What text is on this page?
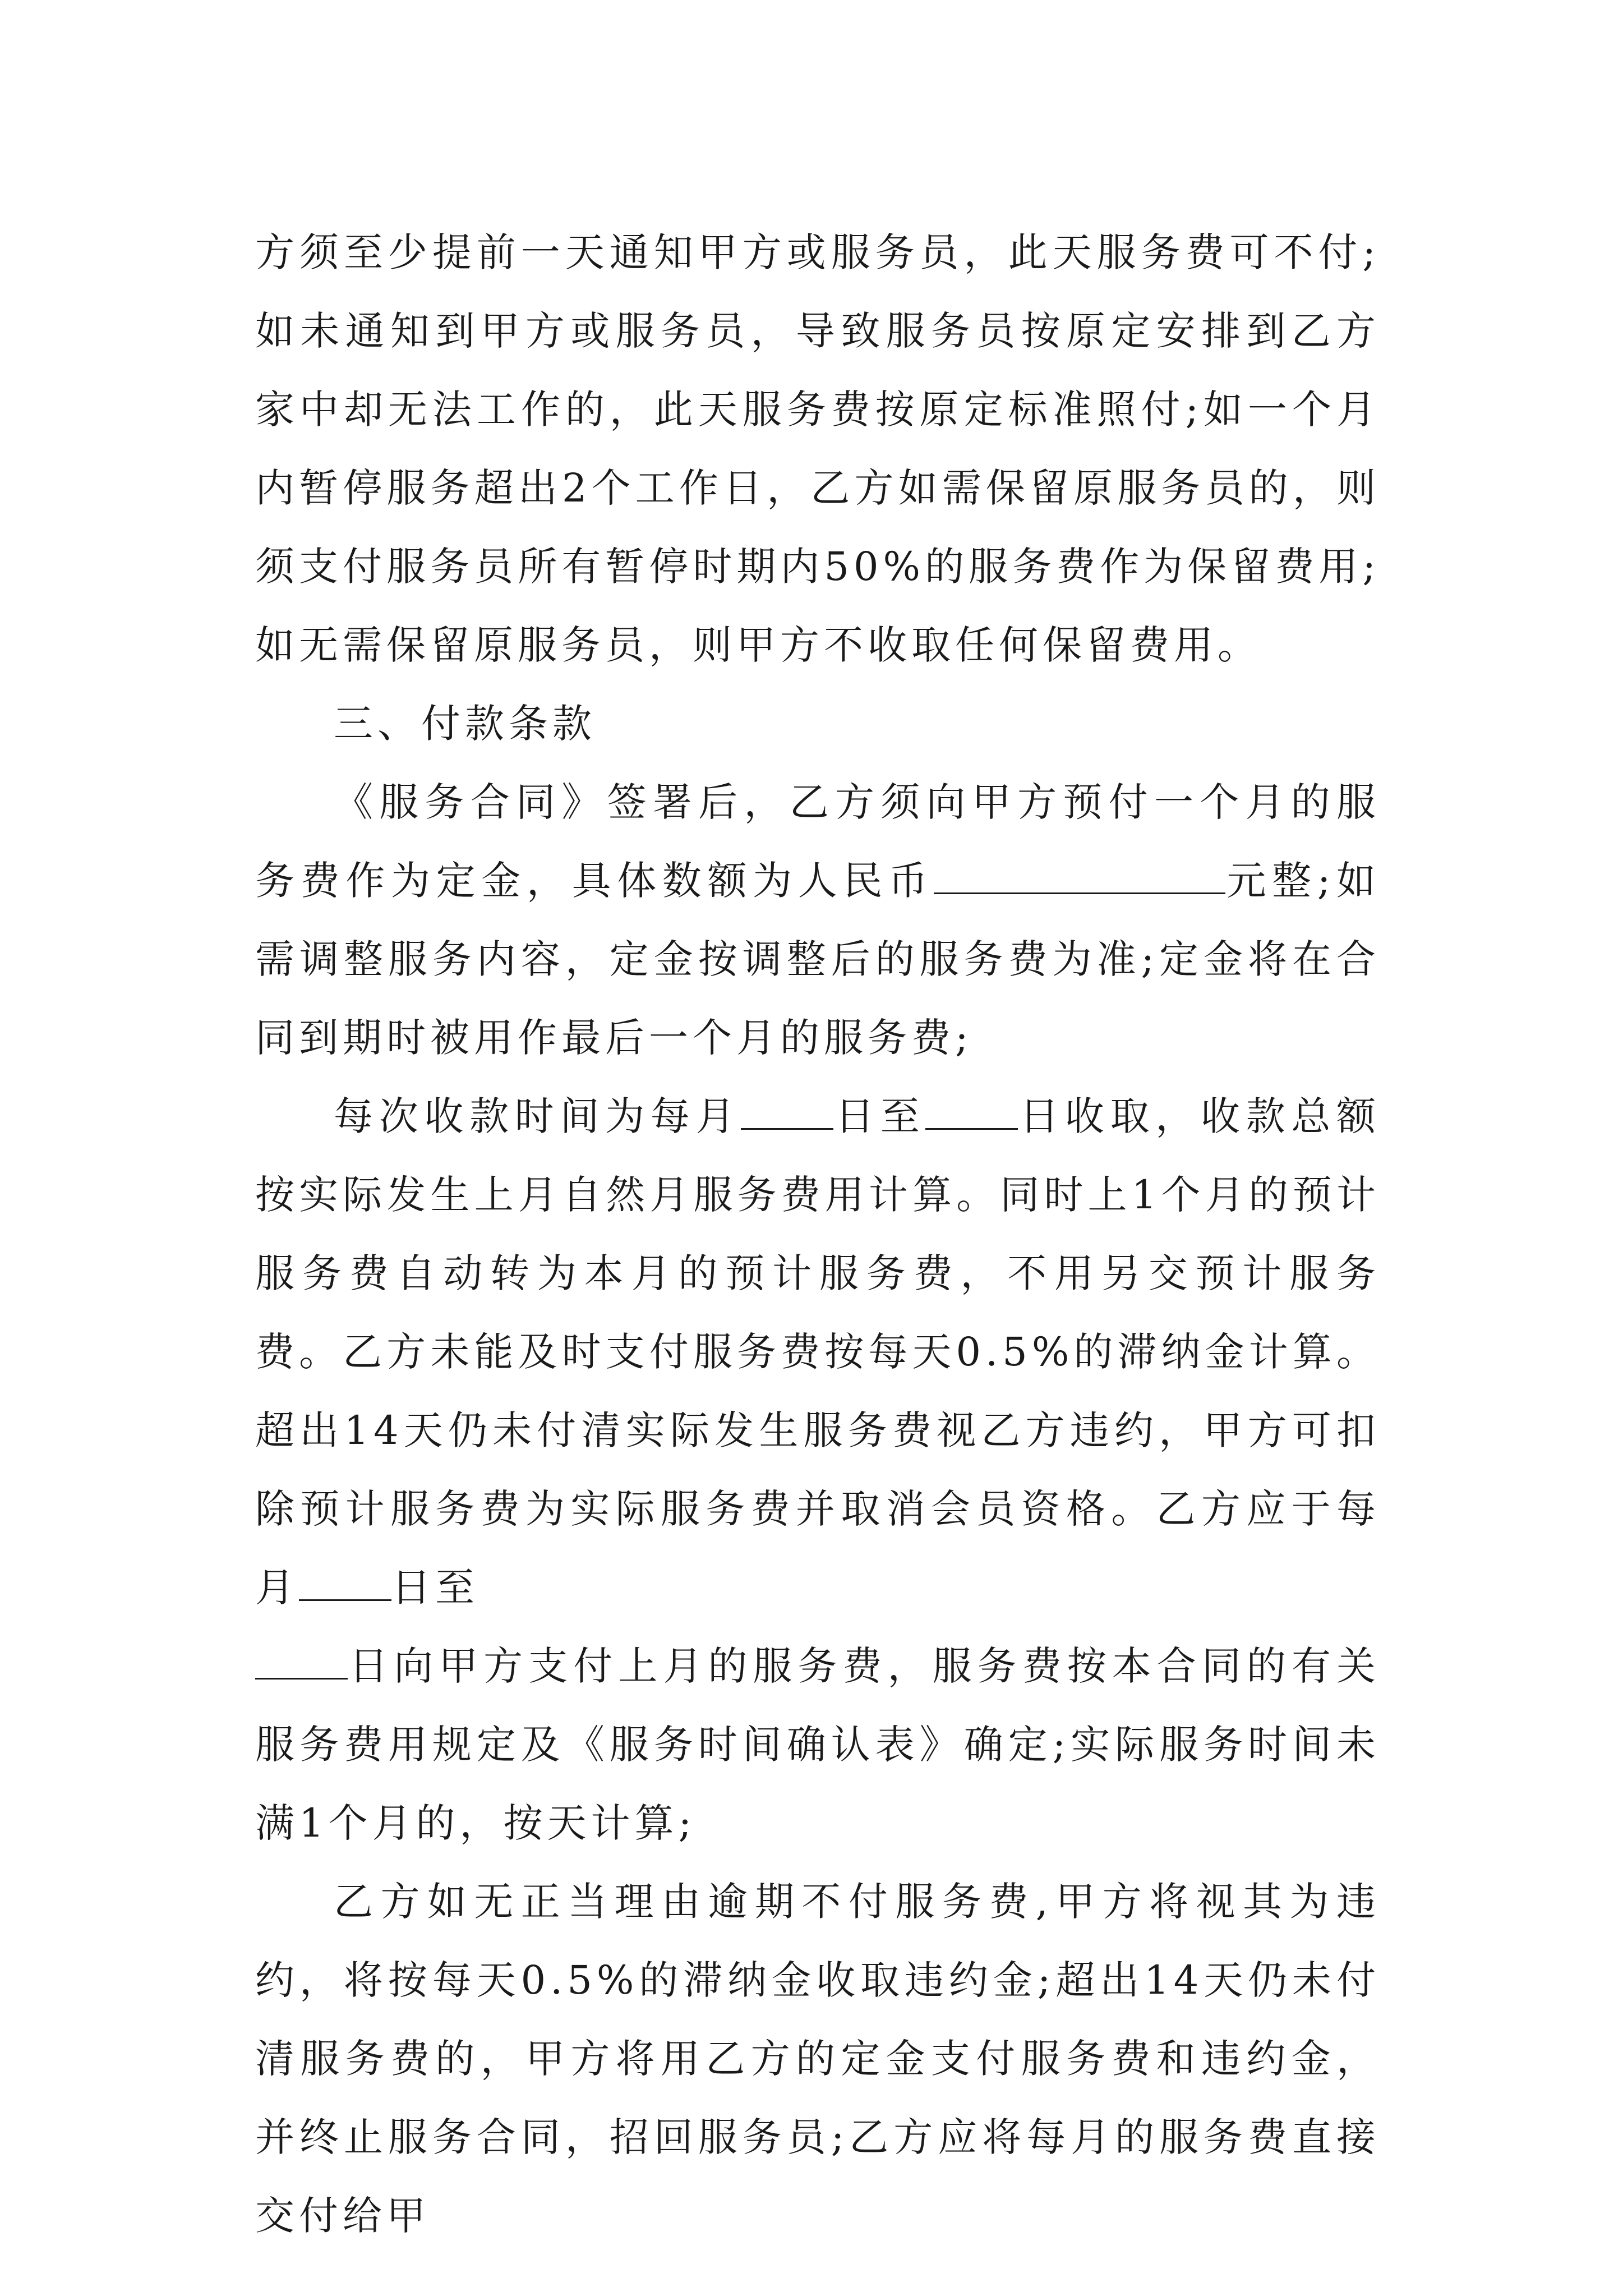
方须至少提前一天通知甲方或服务员，此天服务费可不付;如未通知到甲方或服务员，导致服务员按原定安排到乙方家中却无法工作的，此天服务费按原定标准照付;如一个月内暂停服务超出2个工作日，乙方如需保留原服务员的，则须支付服务员所有暂停时期内50%的服务费作为保留费用;如无需保留原服务员，则甲方不收取任何保留费用。

三、付款条款

《服务合同》签署后，乙方须向甲方预付一个月的服务费作为定金，具体数额为人民币	元整;如需调整服务内容，定金按调整后的服务费为准;定金将在合同到期时被用作最后一个月的服务费;

每次收款时间为每月 日至 日收取，收款总额按实际发生上月自然月服务费用计算。同时上1个月的预计服务费自动转为本月的预计服务费，不用另交预计服务费。乙方未能及时支付服务费按每天0.5%的滞纳金计算。超出14天仍未付清实际发生服务费视乙方违约，甲方可扣除预计服务费为实际服务费并取消会员资格。乙方应于每月 日至
日向甲方支付上月的服务费，服务费按本合同的有关服务费用规定及《服务时间确认表》确定;实际服务时间未满1个月的，按天计算;

乙方如无正当理由逾期不付服务费,甲方将视其为违约，将按每天0.5%的滞纳金收取违约金;超出14天仍未付清服务费的，甲方将用乙方的定金支付服务费和违约金，并终止服务合同，招回服务员;乙方应将每月的服务费直接交付给甲
